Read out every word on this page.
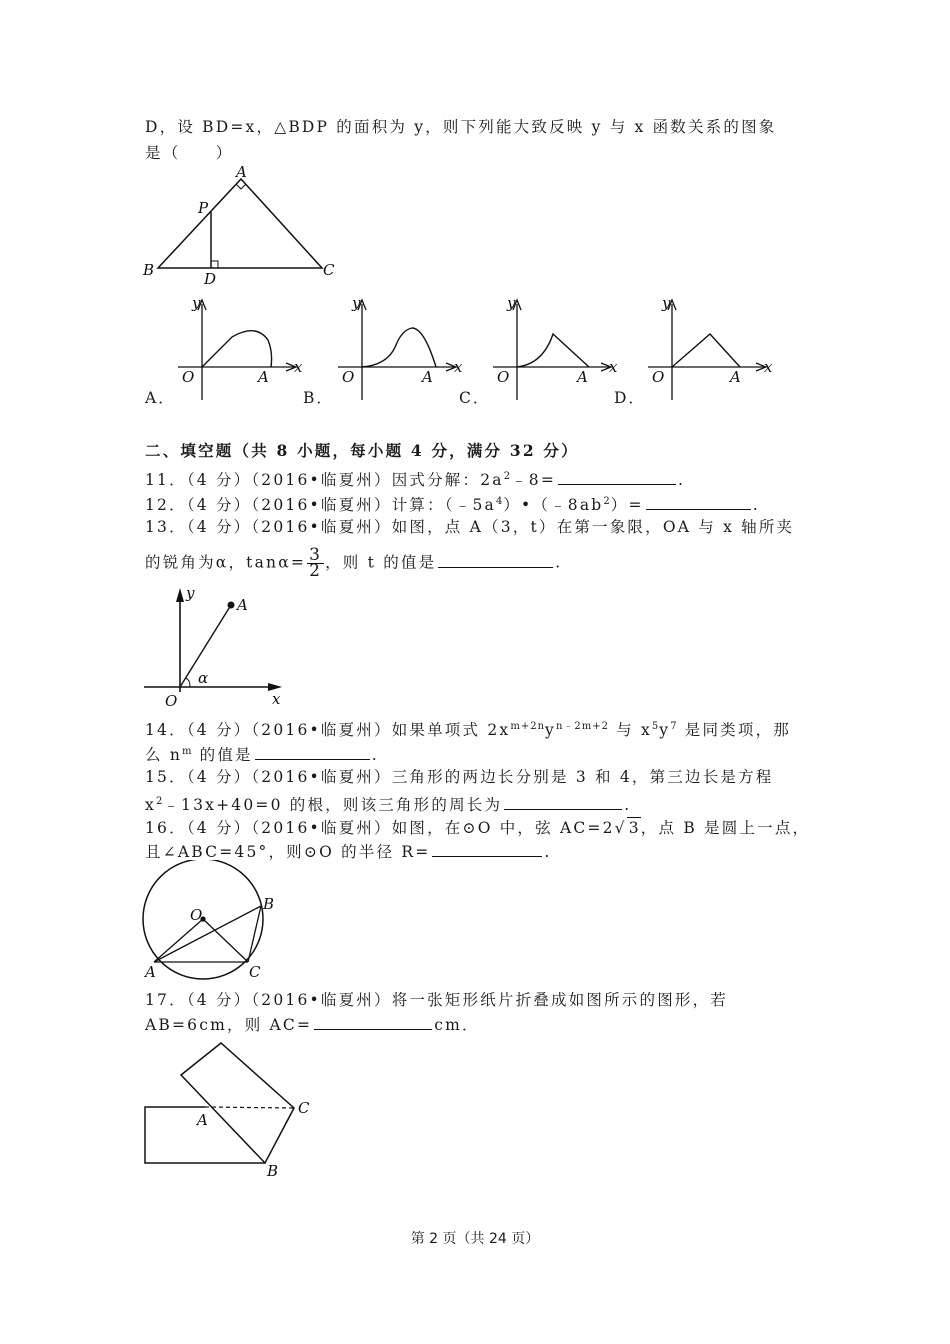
D，设 BD=x，△BDP 的面积为 y，则下列能大致反映 y 与 x 函数关系的图象
是（　　）
A
P
B	D	C
y
x
O	A
y
x
O	A
y
x
O	A
y
x
O	A
A．	B．	C．	D．
二、填空题（共 8 小题，每小题 4 分，满分 32 分）
11．（4 分）（2016•临夏州）因式分解：$2a^2﹣8=$	.
12．（4 分）（2016•临夏州）计算：$(﹣5a^4)•(﹣8ab^2)=$	.
13．（4 分）（2016•临夏州）如图，点 A（3，t）在第一象限，OA 与 x 轴所夹
的锐角为α，$\tan\alpha= \frac{3}{2}$ ，则 t 的值是	.
y
A
O
α
x
14．（4 分）（2016•临夏州）如果单项式 $2x^{m+2n}y^{n﹣2m+2}$ 与 $x^5y^7$ 是同类项，那
么 $n^m$ 的值是	.
15．（4 分）（2016•临夏州）三角形的两边长分别是 3 和 4，第三边长是方程
$x^2﹣13x+40=0$ 的根，则该三角形的周长为	.
16．（4 分）（2016•临夏州）如图，在⊙O 中，弦 AC=2√ 3，点 B 是圆上一点，
且∠ABC=45°，则⊙O 的半径 R=	.
O
B
A	C
17．（4 分）（2016•临夏州）将一张矩形纸片折叠成如图所示的图形，若
AB=6cm，则 AC=	cm．
A
C
B
第 2 页（共 24 页）
